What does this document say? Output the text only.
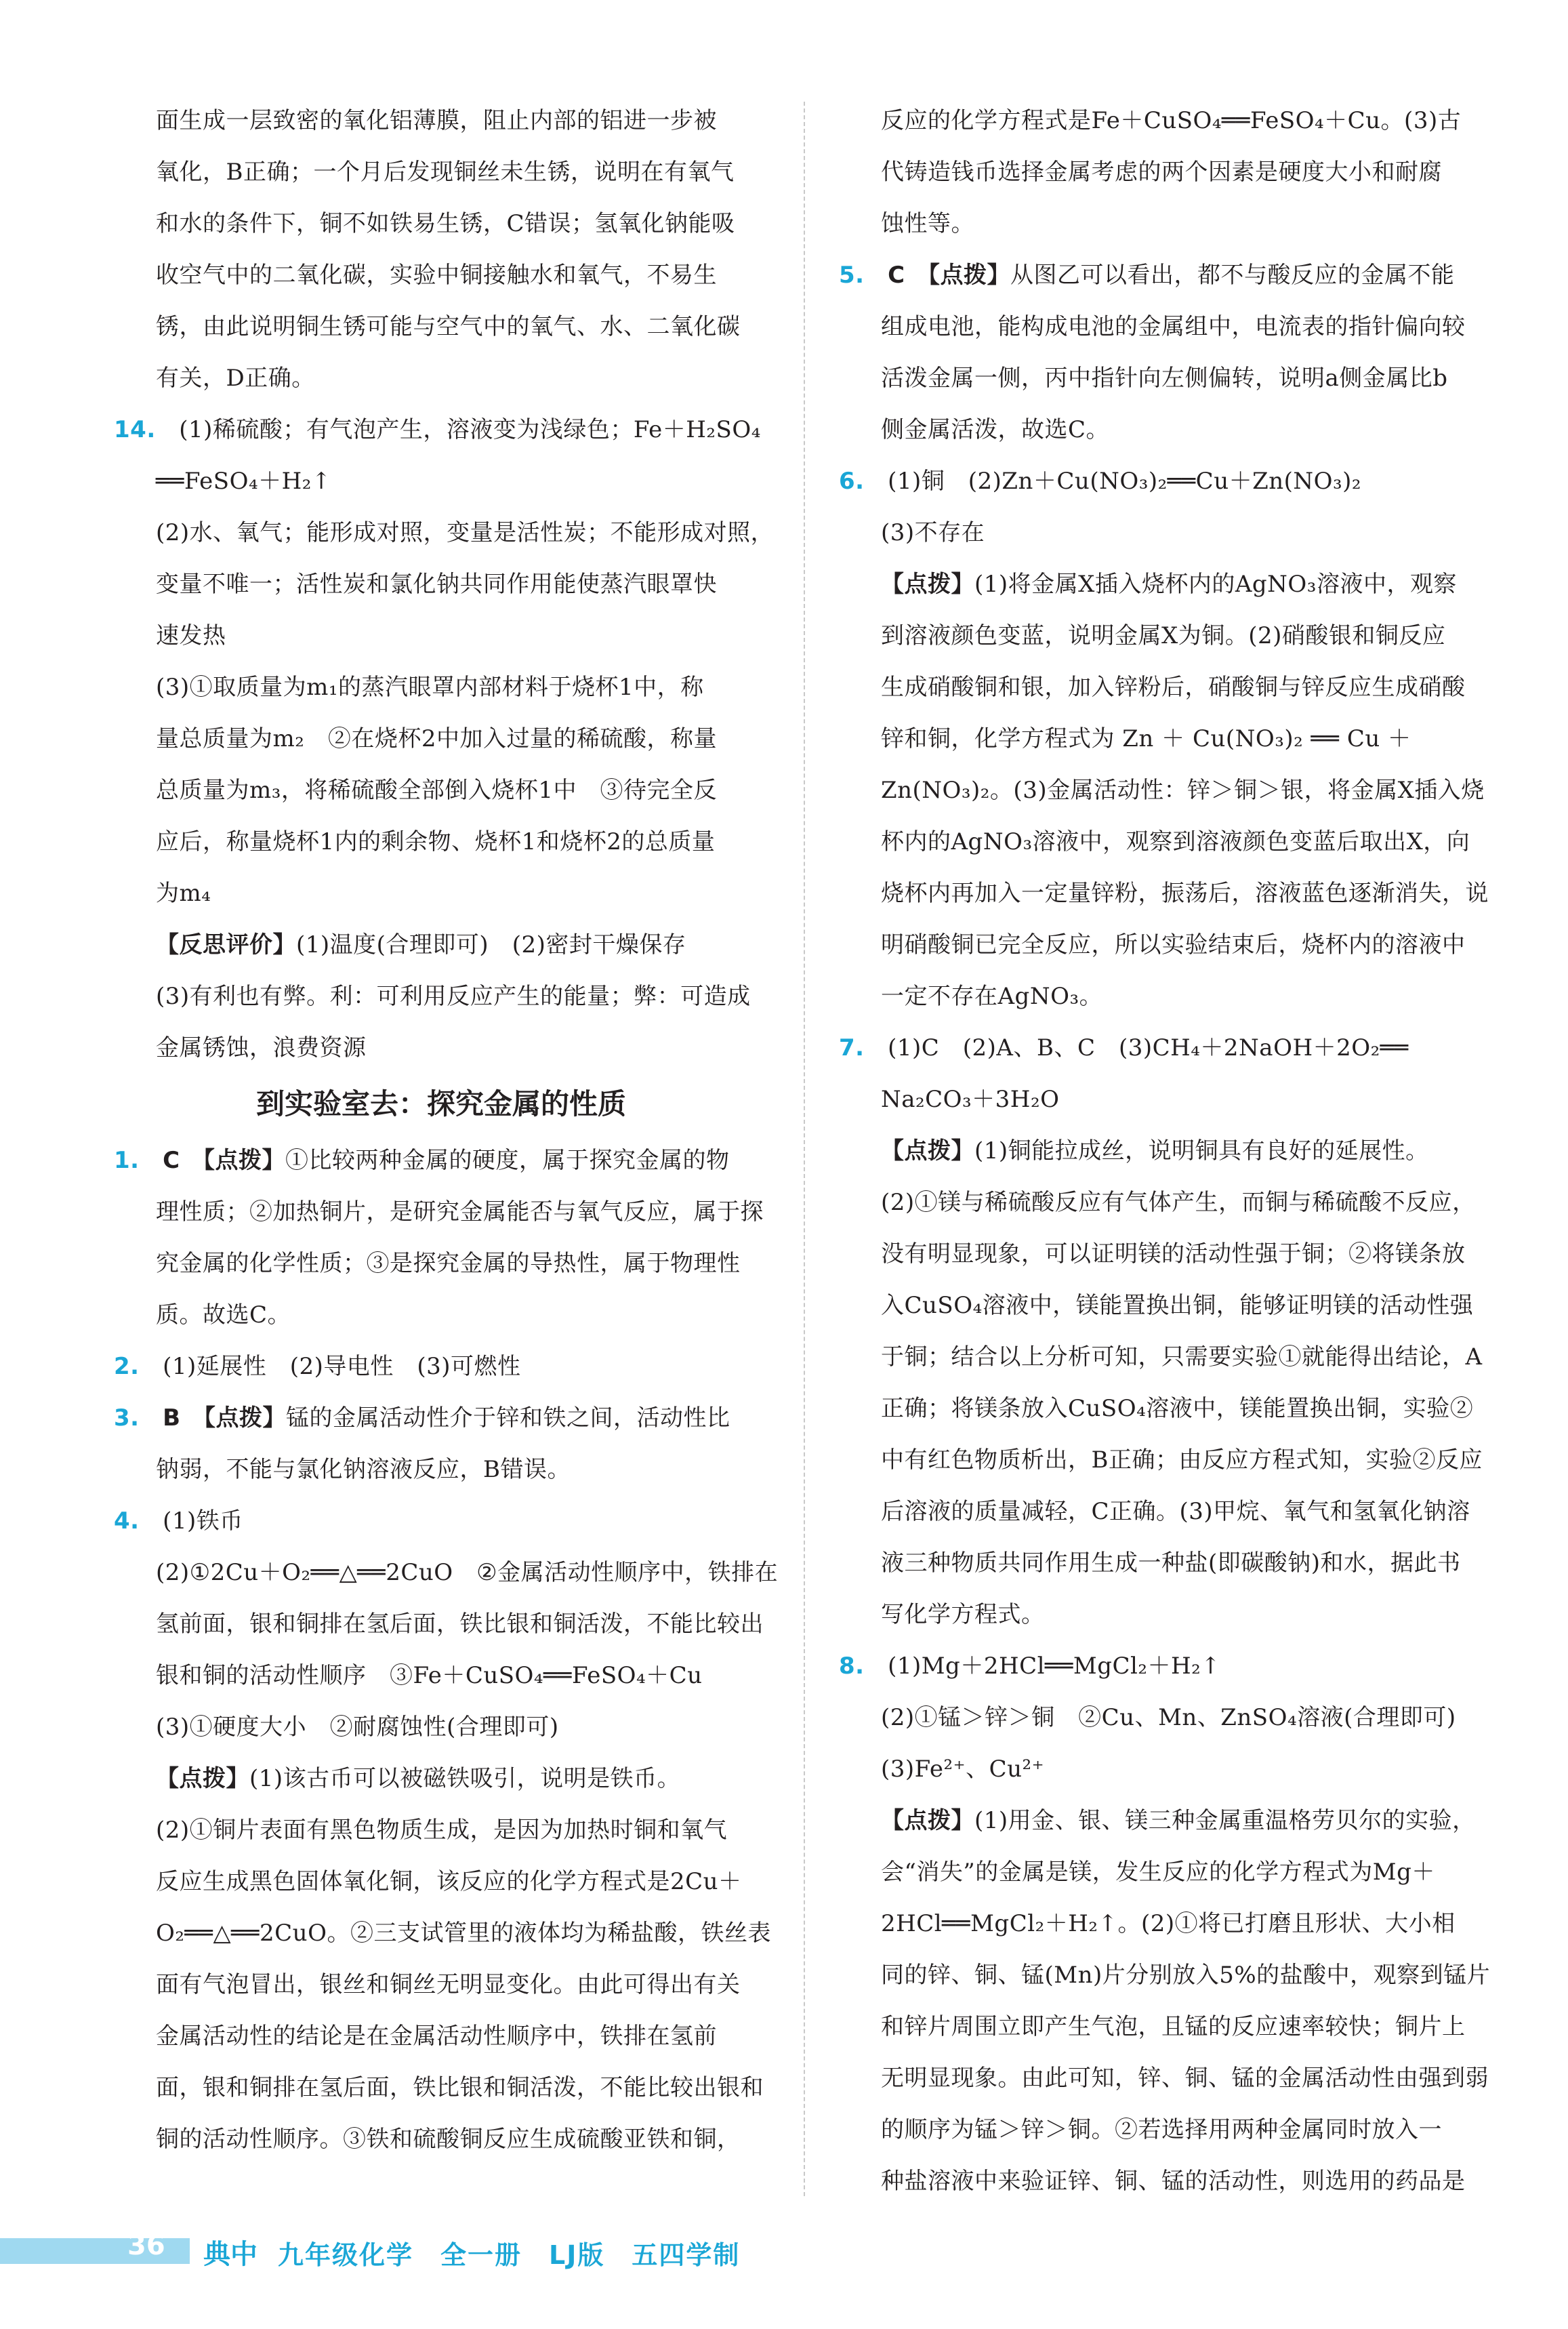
面生成一层致密的氧化铝薄膜，阻止内部的铝进一步被
氧化，B正确；一个月后发现铜丝未生锈，说明在有氧气
和水的条件下，铜不如铁易生锈，C错误；氢氧化钠能吸
收空气中的二氧化碳，实验中铜接触水和氧气，不易生
锈，由此说明铜生锈可能与空气中的氧气、水、二氧化碳
有关，D正确。
14.　 (1)稀硫酸；有气泡产生，溶液变为浅绿色；Fe＋H₂SO₄
══FeSO₄＋H₂↑
(2)水、氧气；能形成对照，变量是活性炭；不能形成对照，
变量不唯一；活性炭和氯化钠共同作用能使蒸汽眼罩快
速发热
(3)①取质量为m₁的蒸汽眼罩内部材料于烧杯1中，称
量总质量为m₂　②在烧杯2中加入过量的稀硫酸，称量
总质量为m₃，将稀硫酸全部倒入烧杯1中　③待完全反
应后，称量烧杯1内的剩余物、烧杯1和烧杯2的总质量
为m₄
【反思评价】(1)温度(合理即可)　(2)密封干燥保存
(3)有利也有弊。利：可利用反应产生的能量；弊：可造成
金属锈蚀，浪费资源
到实验室去：探究金属的性质
1.　 C　 【点拨】①比较两种金属的硬度，属于探究金属的物
理性质；②加热铜片，是研究金属能否与氧气反应，属于探
究金属的化学性质；③是探究金属的导热性，属于物理性
质。故选C。
2.　 (1)延展性　(2)导电性　(3)可燃性
3.　 B　 【点拨】锰的金属活动性介于锌和铁之间，活动性比
钠弱，不能与氯化钠溶液反应，B错误。
4.　 (1)铁币
(2)①2Cu＋O₂══△══2CuO　②金属活动性顺序中，铁排在
氢前面，银和铜排在氢后面，铁比银和铜活泼，不能比较出
银和铜的活动性顺序　③Fe＋CuSO₄══FeSO₄＋Cu
(3)①硬度大小　②耐腐蚀性(合理即可)
【点拨】(1)该古币可以被磁铁吸引，说明是铁币。
(2)①铜片表面有黑色物质生成，是因为加热时铜和氧气
反应生成黑色固体氧化铜，该反应的化学方程式是2Cu＋
O₂══△══2CuO。②三支试管里的液体均为稀盐酸，铁丝表
面有气泡冒出，银丝和铜丝无明显变化。由此可得出有关
金属活动性的结论是在金属活动性顺序中，铁排在氢前
面，银和铜排在氢后面，铁比银和铜活泼，不能比较出银和
铜的活动性顺序。③铁和硫酸铜反应生成硫酸亚铁和铜，
反应的化学方程式是Fe＋CuSO₄══FeSO₄＋Cu。(3)古
代铸造钱币选择金属考虑的两个因素是硬度大小和耐腐
蚀性等。
5.　 C　 【点拨】从图乙可以看出，都不与酸反应的金属不能
组成电池，能构成电池的金属组中，电流表的指针偏向较
活泼金属一侧，丙中指针向左侧偏转，说明a侧金属比b
侧金属活泼，故选C。
6.　 (1)铜　(2)Zn＋Cu(NO₃)₂══Cu＋Zn(NO₃)₂
(3)不存在
【点拨】(1)将金属X插入烧杯内的AgNO₃溶液中，观察
到溶液颜色变蓝，说明金属X为铜。(2)硝酸银和铜反应
生成硝酸铜和银，加入锌粉后，硝酸铜与锌反应生成硝酸
锌和铜，化学方程式为 Zn ＋ Cu(NO₃)₂ ══ Cu ＋
Zn(NO₃)₂。(3)金属活动性：锌＞铜＞银，将金属X插入烧
杯内的AgNO₃溶液中，观察到溶液颜色变蓝后取出X，向
烧杯内再加入一定量锌粉，振荡后，溶液蓝色逐渐消失，说
明硝酸铜已完全反应，所以实验结束后，烧杯内的溶液中
一定不存在AgNO₃。
7.　 (1)C　(2)A、B、C　(3)CH₄＋2NaOH＋2O₂══
Na₂CO₃＋3H₂O
【点拨】(1)铜能拉成丝，说明铜具有良好的延展性。
(2)①镁与稀硫酸反应有气体产生，而铜与稀硫酸不反应，
没有明显现象，可以证明镁的活动性强于铜；②将镁条放
入CuSO₄溶液中，镁能置换出铜，能够证明镁的活动性强
于铜；结合以上分析可知，只需要实验①就能得出结论，A
正确；将镁条放入CuSO₄溶液中，镁能置换出铜，实验②
中有红色物质析出，B正确；由反应方程式知，实验②反应
后溶液的质量减轻，C正确。(3)甲烷、氧气和氢氧化钠溶
液三种物质共同作用生成一种盐(即碳酸钠)和水，据此书
写化学方程式。
8.　 (1)Mg＋2HCl══MgCl₂＋H₂↑
(2)①锰＞锌＞铜　②Cu、Mn、ZnSO₄溶液(合理即可)
(3)Fe²⁺、Cu²⁺
【点拨】(1)用金、银、镁三种金属重温格劳贝尔的实验，
会“消失”的金属是镁，发生反应的化学方程式为Mg＋
2HCl══MgCl₂＋H₂↑。(2)①将已打磨且形状、大小相
同的锌、铜、锰(Mn)片分别放入5%的盐酸中，观察到锰片
和锌片周围立即产生气泡，且锰的反应速率较快；铜片上
无明显现象。由此可知，锌、铜、锰的金属活动性由强到弱
的顺序为锰＞锌＞铜。②若选择用两种金属同时放入一
种盐溶液中来验证锌、铜、锰的活动性，则选用的药品是
36 典中 九年级化学　全一册　LJ版　五四学制
